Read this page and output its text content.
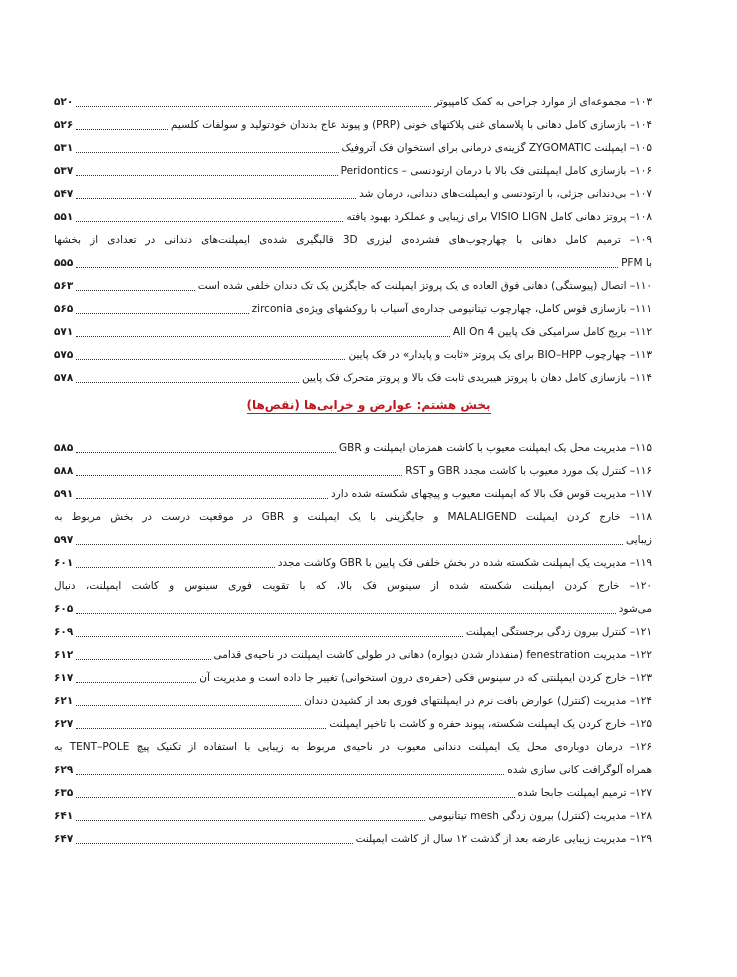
۱۰۳– مجموعه‌ای از موارد جراحی به کمک کامپیوتر
۵۲۰
۱۰۴– بازسازی کامل دهانی با پلاسمای غنی پلاکتهای خونی (PRP) و پیوند عاج بدندان خودتولید و سولفات کلسیم
۵۲۶
۱۰۵– ایمپلنت ZYGOMATIC گزینه‌ی درمانی برای استخوان فک آتروفیک
۵۳۱
۱۰۶– بازسازی کامل ایمپلنتی فک بالا با درمان ارتودنسی – Peridontics
۵۳۷
۱۰۷– بی‌دندانی جزئی، با ارتودنسی و ایمپلنت‌های دندانی، درمان شد
۵۴۷
۱۰۸– پروتز دهانی کامل VISIO LIGN برای زیبایی و عملکرد بهبود یافته
۵۵۱
۱۰۹– ترمیم کامل دهانی با چهارچوب‌های فشرده‌ی لیزری 3D قالبگیری شده‌ی ایمپلنت‌های دندانی در تعدادی از بخشها
با PFM
۵۵۵
۱۱۰– اتصال (پیوستگی) دهانی فوق العاده ی یک پروتز ایمپلنت که جایگزین یک تک دندان خلفی شده است
۵۶۳
۱۱۱– بازسازی قوس کامل، چهارچوب تیتانیومی جداره‌ی آسیاب با روکشهای ویژه‌ی zirconia
۵۶۵
۱۱۲– بریج کامل سرامیکی فک پایین All On 4
۵۷۱
۱۱۳– چهارچوب BIO–HPP برای یک پروتز «ثابت و پایدار» در فک پایین
۵۷۵
۱۱۴– بازسازی کامل دهان با پروتز هیبریدی ثابت فک بالا و پروتز متحرک فک پایین
۵۷۸
بخش هشتم: عوارض و خرابی‌ها (نقص‌ها)
۱۱۵– مدیریت محل یک ایمپلنت معیوب با کاشت همزمان ایمپلنت و GBR
۵۸۵
۱۱۶– کنترل یک مورد معیوب با کاشت مجدد GBR و RST
۵۸۸
۱۱۷– مدیریت قوس فک بالا که ایمپلنت معیوب و پیچهای شکسته شده دارد
۵۹۱
۱۱۸– خارج کردن ایمپلنت MALALIGEND و جایگزینی با یک ایمپلنت و GBR در موقعیت درست در بخش مربوط به
زیبایی
۵۹۷
۱۱۹– مدیریت یک ایمپلنت شکسته شده در بخش خلفی فک پایین با GBR وکاشت مجدد
۶۰۱
۱۲۰– خارج کردن ایمپلنت شکسته شده از سینوس فک بالا، که با تقویت فوری سینوس و کاشت ایمپلنت، دنبال
می‌شود
۶۰۵
۱۲۱– کنترل بیرون زدگی برجستگی ایمپلنت
۶۰۹
۱۲۲– مدیریت fenestration (منفذدار شدن دیواره) دهانی در طولی کاشت ایمپلنت در ناحیه‌ی قدامی
۶۱۲
۱۲۳– خارج کردن ایمپلنتی که در سینوس فکی (حفره‌ی درون استخوانی) تغییر جا داده است و مدیریت آن
۶۱۷
۱۲۴– مدیریت (کنترل) عوارض بافت نرم در ایمپلنتهای فوری بعد از کشیدن دندان
۶۲۱
۱۲۵– خارج کردن یک ایمپلنت شکسته، پیوند حفره و کاشت با تاخیر ایمپلنت
۶۲۷
۱۲۶– درمان دوباره‌ی محل یک ایمپلنت دندانی معیوب در ناحیه‌ی مربوط به زیبایی با استفاده از تکنیک پیچ TENT–POLE به
همراه آلوگرافت کانی سازی شده
۶۲۹
۱۲۷– ترمیم ایمپلنت جابجا شده
۶۳۵
۱۲۸– مدیریت (کنترل) بیرون زدگی mesh تیتانیومی
۶۴۱
۱۲۹– مدیریت زیبایی عارضه بعد از گذشت ۱۲ سال از کاشت ایمپلنت
۶۴۷
